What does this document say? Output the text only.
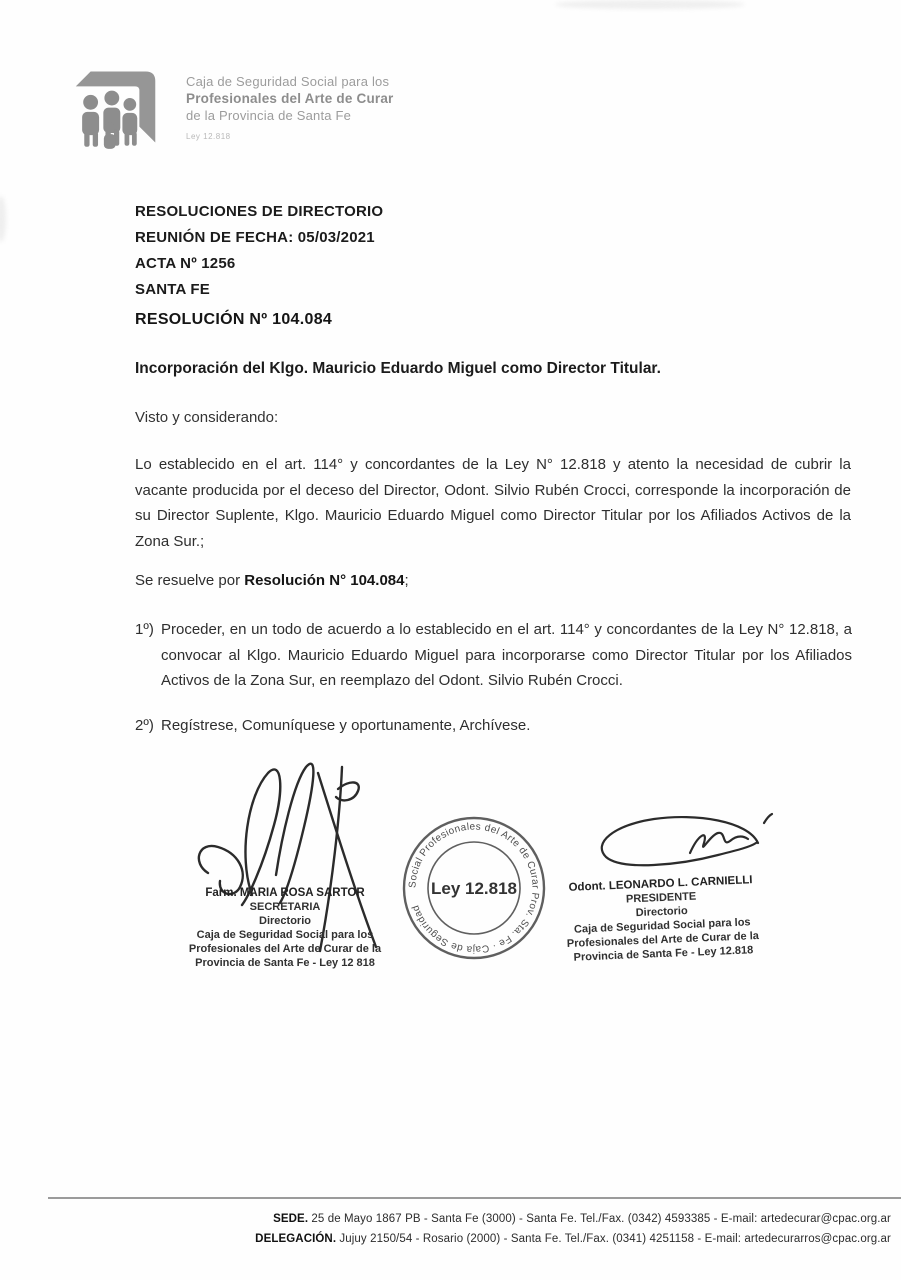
Caja de Seguridad Social para los
Profesionales del Arte de Curar
de la Provincia de Santa Fe
Ley 12.818
RESOLUCIONES DE DIRECTORIO
REUNIÓN DE FECHA: 05/03/2021
ACTA Nº 1256
SANTA FE
RESOLUCIÓN Nº 104.084
Incorporación del Klgo. Mauricio Eduardo Miguel como Director Titular.
Visto y considerando:
Lo establecido en el art. 114° y concordantes de la Ley N° 12.818 y atento la necesidad de cubrir la vacante producida por el deceso del Director, Odont. Silvio Rubén Crocci, corresponde la incorporación de su Director Suplente, Klgo. Mauricio Eduardo Miguel como Director Titular por los Afiliados Activos de la Zona Sur.;
Se resuelve por Resolución N° 104.084;
1º) Proceder, en un todo de acuerdo a lo establecido en el art. 114° y concordantes de la Ley N° 12.818, a convocar al Klgo. Mauricio Eduardo Miguel para incorporarse como Director Titular por los Afiliados Activos de la Zona Sur, en reemplazo del Odont. Silvio Rubén Crocci.
2º) Regístrese, Comuníquese y oportunamente, Archívese.
Farm. MARIA ROSA SARTOR
SECRETARIA
Directorio
Caja de Seguridad Social para los
Profesionales del Arte de Curar de la
Provincia de Santa Fe - Ley 12 818
Social Profesionales del Arte de Curar Prov. Sta. Fe · Caja de Seguridad
Ley 12.818	Odont. LEONARDO L. CARNIELLI
PRESIDENTE
Directorio
Caja de Seguridad Social para los
Profesionales del Arte de Curar de la
Provincia de Santa Fe - Ley 12.818
SEDE. 25 de Mayo 1867 PB - Santa Fe (3000) - Santa Fe. Tel./Fax. (0342) 4593385 - E-mail: artedecurar@cpac.org.ar
DELEGACIÓN. Jujuy 2150/54 - Rosario (2000) - Santa Fe. Tel./Fax. (0341) 4251158 - E-mail: artedecurarros@cpac.org.ar
